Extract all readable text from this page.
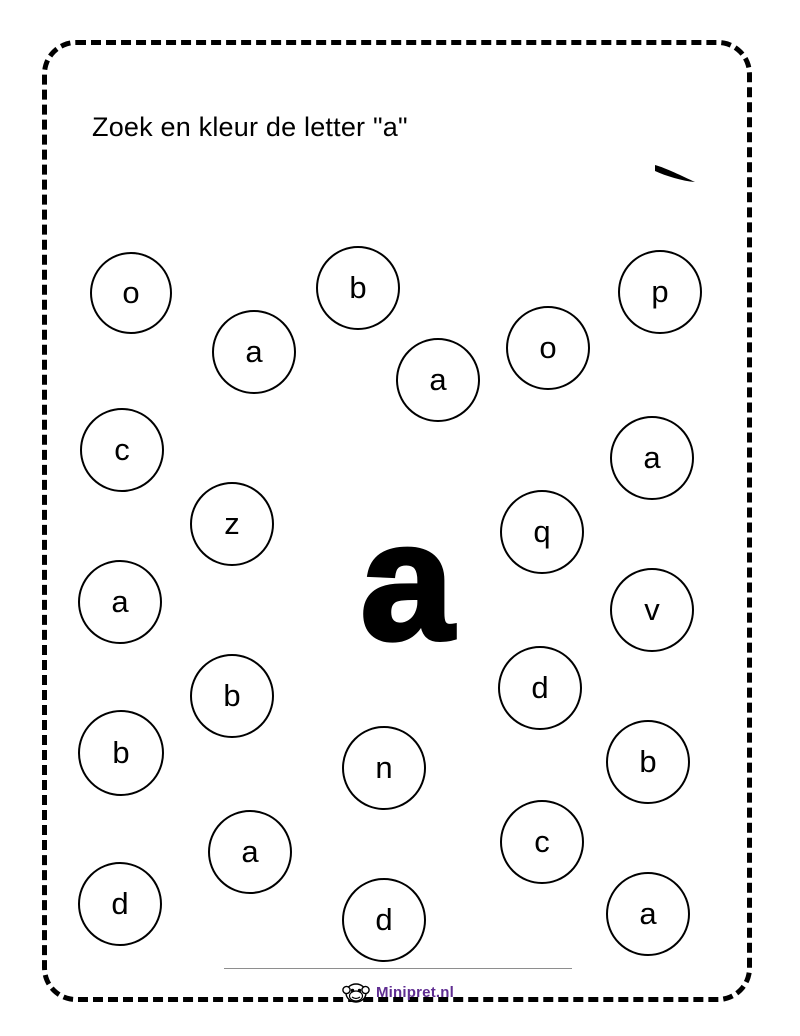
Zoek en kleur de letter "a"
o	b	p
a	o
a
c	a
z	q
a	v
b	d
b	b
n
a	c
d	a
d
a
Minipret.nl
